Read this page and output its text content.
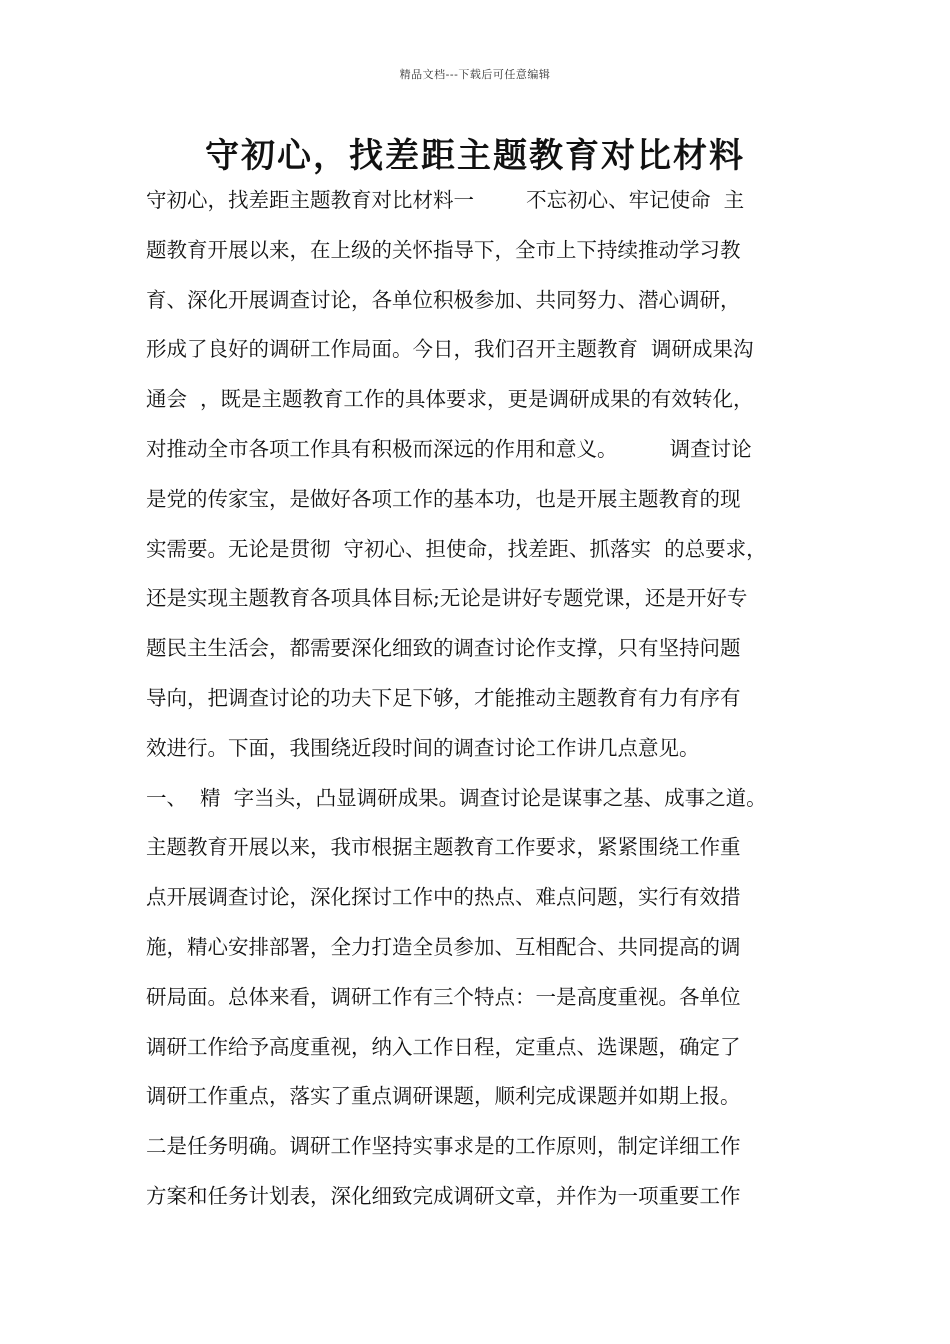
精品文档---下载后可任意编辑
守初心，找差距主题教育对比材料
守初心，找差距主题教育对比材料一        不忘初心、牢记使命  主
题教育开展以来，在上级的关怀指导下，全市上下持续推动学习教
育、深化开展调查讨论，各单位积极参加、共同努力、潜心调研，
形成了良好的调研工作局面。今日，我们召开主题教育  调研成果沟
通会  ，既是主题教育工作的具体要求，更是调研成果的有效转化，
对推动全市各项工作具有积极而深远的作用和意义。        调查讨论
是党的传家宝，是做好各项工作的基本功，也是开展主题教育的现
实需要。无论是贯彻  守初心、担使命，找差距、抓落实  的总要求，
还是实现主题教育各项具体目标;无论是讲好专题党课，还是开好专
题民主生活会，都需要深化细致的调查讨论作支撑，只有坚持问题
导向，把调查讨论的功夫下足下够，才能推动主题教育有力有序有
效进行。下面，我围绕近段时间的调查讨论工作讲几点意见。
一、  精  字当头，凸显调研成果。调查讨论是谋事之基、成事之道。
主题教育开展以来，我市根据主题教育工作要求，紧紧围绕工作重
点开展调查讨论，深化探讨工作中的热点、难点问题，实行有效措
施，精心安排部署，全力打造全员参加、互相配合、共同提高的调
研局面。总体来看，调研工作有三个特点：一是高度重视。各单位
调研工作给予高度重视，纳入工作日程，定重点、选课题，确定了
调研工作重点，落实了重点调研课题，顺利完成课题并如期上报。
二是任务明确。调研工作坚持实事求是的工作原则，制定详细工作
方案和任务计划表，深化细致完成调研文章，并作为一项重要工作
